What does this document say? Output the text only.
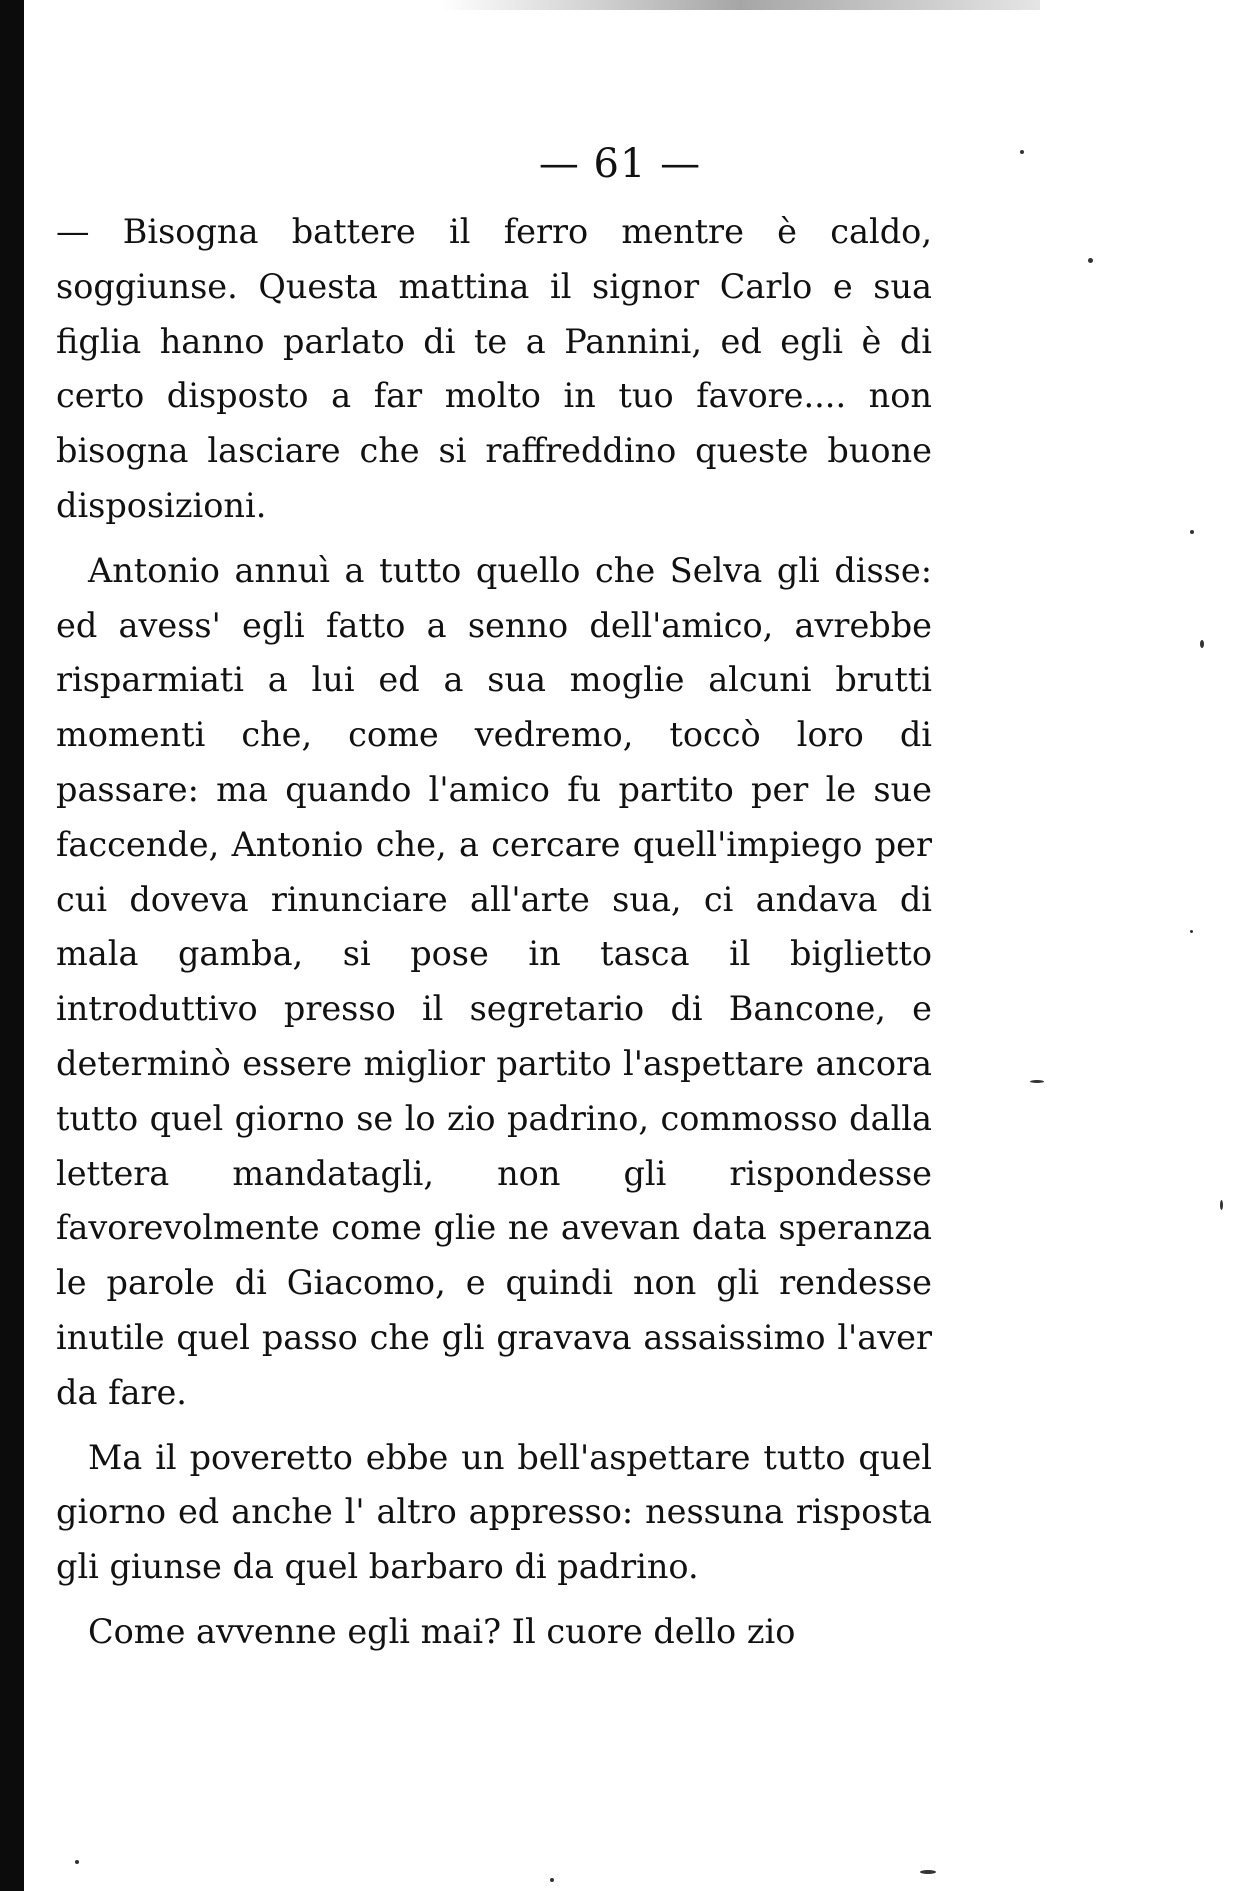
— 61 —

— Bisogna battere il ferro mentre è caldo, soggiunse. Questa mattina il signor Carlo e sua figlia hanno parlato di te a Pannini, ed egli è di certo disposto a far molto in tuo favore.... non bisogna lasciare che si raffreddino queste buone disposizioni.

Antonio annuì a tutto quello che Selva gli disse: ed avess' egli fatto a senno dell'amico, avrebbe risparmiati a lui ed a sua moglie alcuni brutti momenti che, come vedremo, toccò loro di passare: ma quando l'amico fu partito per le sue faccende, Antonio che, a cercare quell'impiego per cui doveva rinunciare all'arte sua, ci andava di mala gamba, si pose in tasca il biglietto introduttivo presso il segretario di Bancone, e determinò essere miglior partito l'aspettare ancora tutto quel giorno se lo zio padrino, commosso dalla lettera mandatagli, non gli rispondesse favorevolmente come glie ne avevan data speranza le parole di Giacomo, e quindi non gli rendesse inutile quel passo che gli gravava assaissimo l'aver da fare.

Ma il poveretto ebbe un bell'aspettare tutto quel giorno ed anche l' altro appresso: nessuna risposta gli giunse da quel barbaro di padrino.

Come avvenne egli mai? Il cuore dello zio
